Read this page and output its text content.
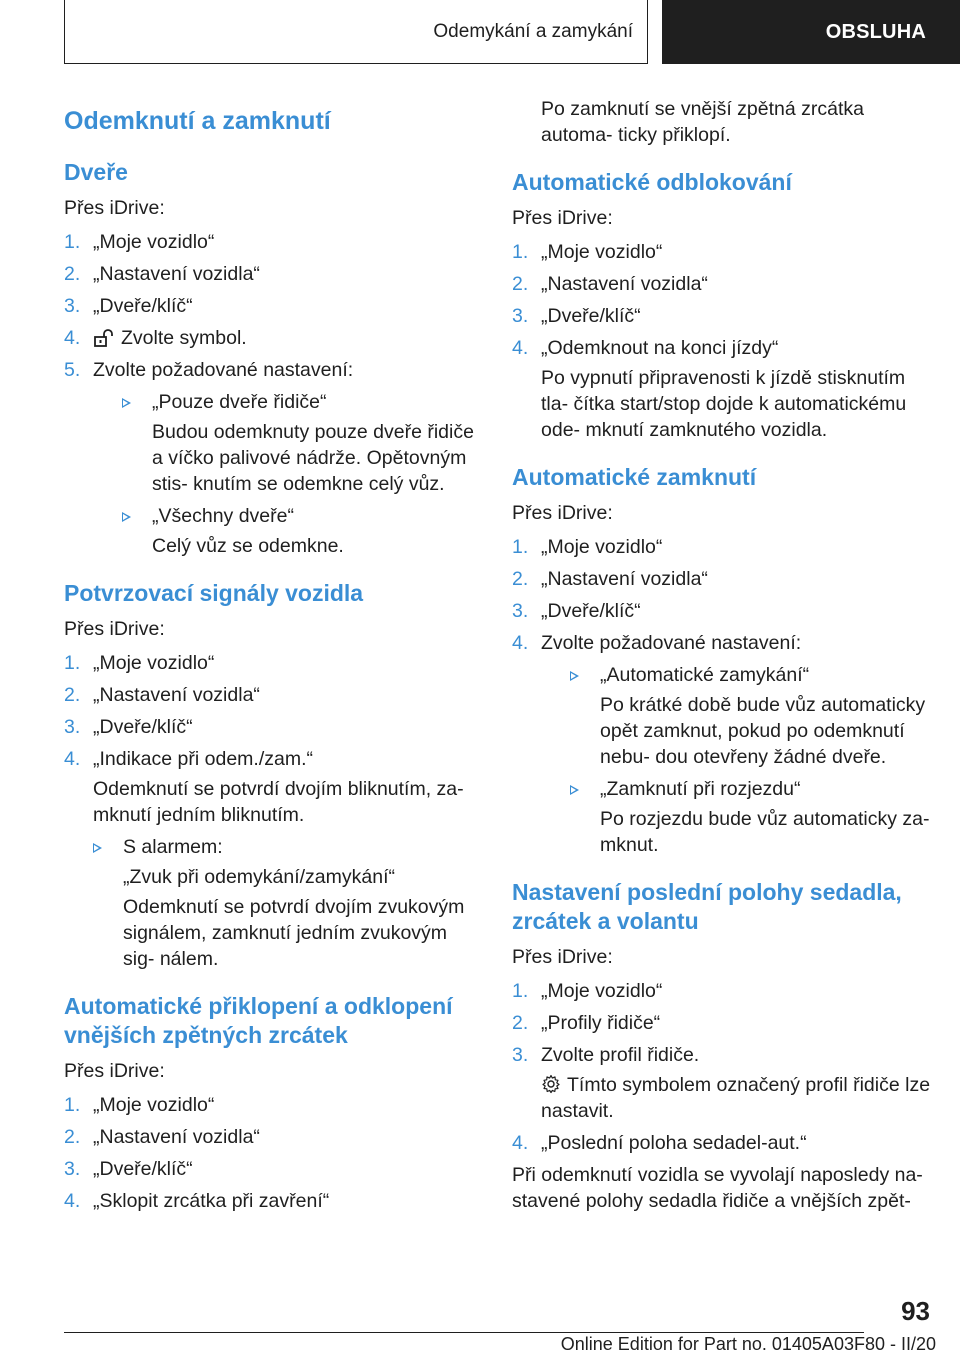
Odemykání a zamykání	OBSLUHA
Odemknutí a zamknutí
Dveře

Přes iDrive:

1. „Moje vozidlo“
2. „Nastavení vozidla“
3. „Dveře/klíč“
4. Zvolte symbol.
5. Zvolte požadované nastavení:
„Pouze dveře řidiče“

Budou odemknuty pouze dveře řidiče a víčko palivové nádrže. Opětovným stis- knutím se odemkne celý vůz.

„Všechny dveře“

Celý vůz se odemkne.

Potvrzovací signály vozidla

Přes iDrive:

1. „Moje vozidlo“
2. „Nastavení vozidla“
3. „Dveře/klíč“
4. „Indikace při odem./zam.“

Odemknutí se potvrdí dvojím bliknutím, za- mknutí jedním bliknutím.

S alarmem:

„Zvuk při odemykání/zamykání“

Odemknutí se potvrdí dvojím zvukovým signálem, zamknutí jedním zvukovým sig- nálem.

Automatické přiklopení a odklopení vnějších zpětných zrcátek

Přes iDrive:

1. „Moje vozidlo“
2. „Nastavení vozidla“
3. „Dveře/klíč“
4. „Sklopit zrcátka při zavření“

Po zamknutí se vnější zpětná zrcátka automa- ticky přiklopí.

Automatické odblokování

Přes iDrive:

1. „Moje vozidlo“
2. „Nastavení vozidla“
3. „Dveře/klíč“
4. „Odemknout na konci jízdy“

Po vypnutí připravenosti k jízdě stisknutím tla- čítka start/stop dojde k automatickému ode- mknutí zamknutého vozidla.

Automatické zamknutí

Přes iDrive:

1. „Moje vozidlo“
2. „Nastavení vozidla“
3. „Dveře/klíč“
4. Zvolte požadované nastavení:
„Automatické zamykání“

Po krátké době bude vůz automaticky opět zamknut, pokud po odemknutí nebu- dou otevřeny žádné dveře.

„Zamknutí při rozjezdu“

Po rozjezdu bude vůz automaticky za- mknut.

Nastavení poslední polohy sedadla, zrcátek a volantu

Přes iDrive:

1. „Moje vozidlo“
2. „Profily řidiče“
3. Zvolte profil řidiče.

Tímto symbolem označený profil řidiče lze nastavit.

4. „Poslední poloha sedadel-aut.“

Při odemknutí vozidla se vyvolají naposledy na- stavené polohy sedadla řidiče a vnějších zpět-

93
Online Edition for Part no. 01405A03F80 - II/20
